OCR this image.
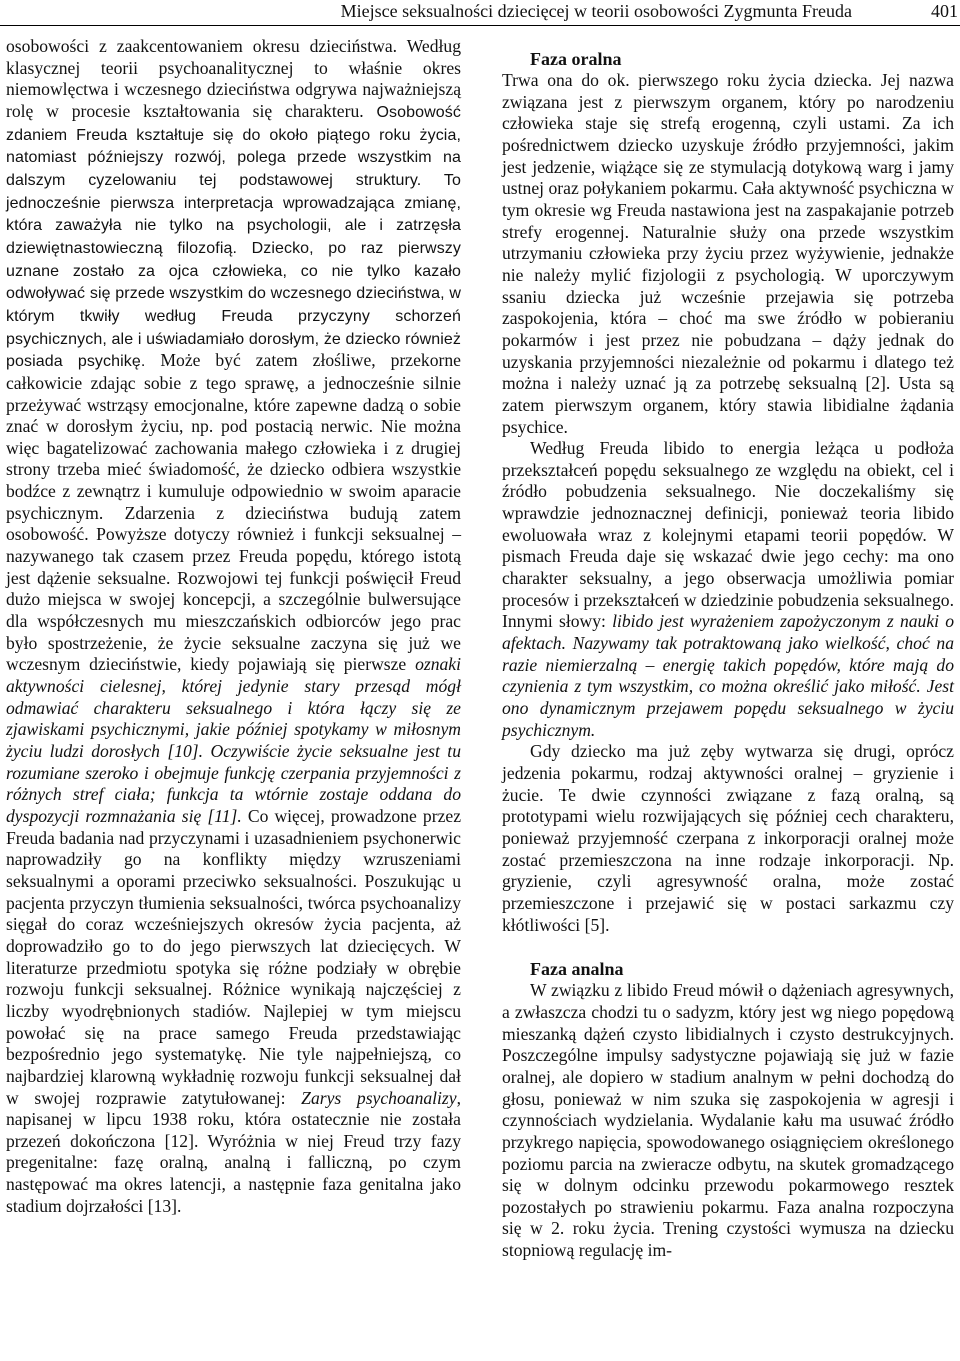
Miejsce seksualności dziecięcej w teorii osobowości Zygmunta Freuda	401

osobowości z zaakcentowaniem okresu dzieciństwa. Według klasycznej teorii psychoanalitycznej to właśnie okres niemowlęctwa i wczesnego dzieciństwa odgrywa najważniejszą rolę w procesie kształtowania się charakteru. Osobowość zdaniem Freuda kształtuje się do około piątego roku życia, natomiast późniejszy rozwój, polega przede wszystkim na dalszym cyzelowaniu tej podstawowej struktury. To jednocześnie pierwsza interpretacja wprowadzająca zmianę, która zaważyła nie tylko na psychologii, ale i zatrzęsła dziewiętnastowieczną filozofią. Dziecko, po raz pierwszy uznane zostało za ojca człowieka, co nie tylko kazało odwoływać się przede wszystkim do wczesnego dzieciństwa, w którym tkwiły według Freuda przyczyny schorzeń psychicznych, ale i uświadamiało dorosłym, że dziecko również posiada psychikę. Może być zatem złośliwe, przekorne całkowicie zdając sobie z tego sprawę, a jednocześnie silnie przeżywać wstrząsy emocjonalne, które zapewne dadzą o sobie znać w dorosłym życiu, np. pod postacią nerwic. Nie można więc bagatelizować zachowania małego człowieka i z drugiej strony trzeba mieć świadomość, że dziecko odbiera wszystkie bodźce z zewnątrz i kumuluje odpowiednio w swoim aparacie psychicznym. Zdarzenia z dzieciństwa budują zatem osobowość. Powyższe dotyczy również i funkcji seksualnej – nazywanego tak czasem przez Freuda popędu, którego istotą jest dążenie seksualne. Rozwojowi tej funkcji poświęcił Freud dużo miejsca w swojej koncepcji, a szczególnie bulwersujące dla współczesnych mu mieszczańskich odbiorców jego prac było spostrzeżenie, że życie seksualne zaczyna się już we wczesnym dzieciństwie, kiedy pojawiają się pierwsze oznaki aktywności cielesnej, której jedynie stary przesąd mógł odmawiać charakteru seksualnego i która łączy się ze zjawiskami psychicznymi, jakie później spotykamy w miłosnym życiu ludzi dorosłych [10]. Oczywiście życie seksualne jest tu rozumiane szeroko i obejmuje funkcję czerpania przyjemności z różnych stref ciała; funkcja ta wtórnie zostaje oddana do dyspozycji rozmnażania się [11]. Co więcej, prowadzone przez Freuda badania nad przyczynami i uzasadnieniem psychonerwic naprowadziły go na konflikty między wzruszeniami seksualnymi a oporami przeciwko seksualności. Poszukując u pacjenta przyczyn tłumienia seksualności, twórca psychoanalizy sięgał do coraz wcześniejszych okresów życia pacjenta, aż doprowadziło go to do jego pierwszych lat dziecięcych. W literaturze przedmiotu spotyka się różne podziały w obrębie rozwoju funkcji seksualnej. Różnice wynikają najczęściej z liczby wyodrębnionych stadiów. Najlepiej w tym miejscu powołać się na prace samego Freuda przedstawiając bezpośrednio jego systematykę. Nie tyle najpełniejszą, co najbardziej klarowną wykładnię rozwoju funkcji seksualnej dał w swojej rozprawie zatytułowanej: Zarys psychoanalizy, napisanej w lipcu 1938 roku, która ostatecznie nie została przezeń dokończona [12]. Wyróżnia w niej Freud trzy fazy pregenitalne: fazę oralną, analną i falliczną, po czym następować ma okres latencji, a następnie faza genitalna jako stadium dojrzałości [13].

Faza oralna

Trwa ona do ok. pierwszego roku życia dziecka. Jej nazwa związana jest z pierwszym organem, który po narodzeniu człowieka staje się strefą erogenną, czyli ustami. Za ich pośrednictwem dziecko uzyskuje źródło przyjemności, jakim jest jedzenie, wiążące się ze stymulacją dotykową warg i jamy ustnej oraz połykaniem pokarmu. Cała aktywność psychiczna w tym okresie wg Freuda nastawiona jest na zaspakajanie potrzeb strefy erogennej. Naturalnie służy ona przede wszystkim utrzymaniu człowieka przy życiu przez wyżywienie, jednakże nie należy mylić fizjologii z psychologią. W uporczywym ssaniu dziecka już wcześnie przejawia się potrzeba zaspokojenia, która – choć ma swe źródło w pobieraniu pokarmów i jest przez nie pobudzana – dąży jednak do uzyskania przyjemności niezależnie od pokarmu i dlatego też można i należy uznać ją za potrzebę seksualną [2]. Usta są zatem pierwszym organem, który stawia libidialne żądania psychice.

Według Freuda libido to energia leżąca u podłoża przekształceń popędu seksualnego ze względu na obiekt, cel i źródło pobudzenia seksualnego. Nie doczekaliśmy się wprawdzie jednoznacznej definicji, ponieważ teoria libido ewoluowała wraz z kolejnymi etapami teorii popędów. W pismach Freuda daje się wskazać dwie jego cechy: ma ono charakter seksualny, a jego obserwacja umożliwia pomiar procesów i przekształceń w dziedzinie pobudzenia seksualnego. Innymi słowy: libido jest wyrażeniem zapożyczonym z nauki o afektach. Nazywamy tak potraktowaną jako wielkość, choć na razie niemierzalną – energię takich popędów, które mają do czynienia z tym wszystkim, co można określić jako miłość. Jest ono dynamicznym przejawem popędu seksualnego w życiu psychicznym.

Gdy dziecko ma już zęby wytwarza się drugi, oprócz jedzenia pokarmu, rodzaj aktywności oralnej – gryzienie i żucie. Te dwie czynności związane z fazą oralną, są prototypami wielu rozwijających się później cech charakteru, ponieważ przyjemność czerpana z inkorporacji oralnej może zostać przemieszczona na inne rodzaje inkorporacji. Np. gryzienie, czyli agresywność oralna, może zostać przemieszczone i przejawić się w postaci sarkazmu czy kłótliwości [5].

Faza analna

W związku z libido Freud mówił o dążeniach agresywnych, a zwłaszcza chodzi tu o sadyzm, który jest wg niego popędową mieszanką dążeń czysto libidialnych i czysto destrukcyjnych. Poszczególne impulsy sadystyczne pojawiają się już w fazie oralnej, ale dopiero w stadium analnym w pełni dochodzą do głosu, ponieważ w nim szuka się zaspokojenia w agresji i czynnościach wydzielania. Wydalanie kału ma usuwać źródło przykrego napięcia, spowodowanego osiągnięciem określonego poziomu parcia na zwieracze odbytu, na skutek gromadzącego się w dolnym odcinku przewodu pokarmowego resztek pozostałych po strawieniu pokarmu. Faza analna rozpoczyna się w 2. roku życia. Trening czystości wymusza na dziecku stopniową regulację im-
